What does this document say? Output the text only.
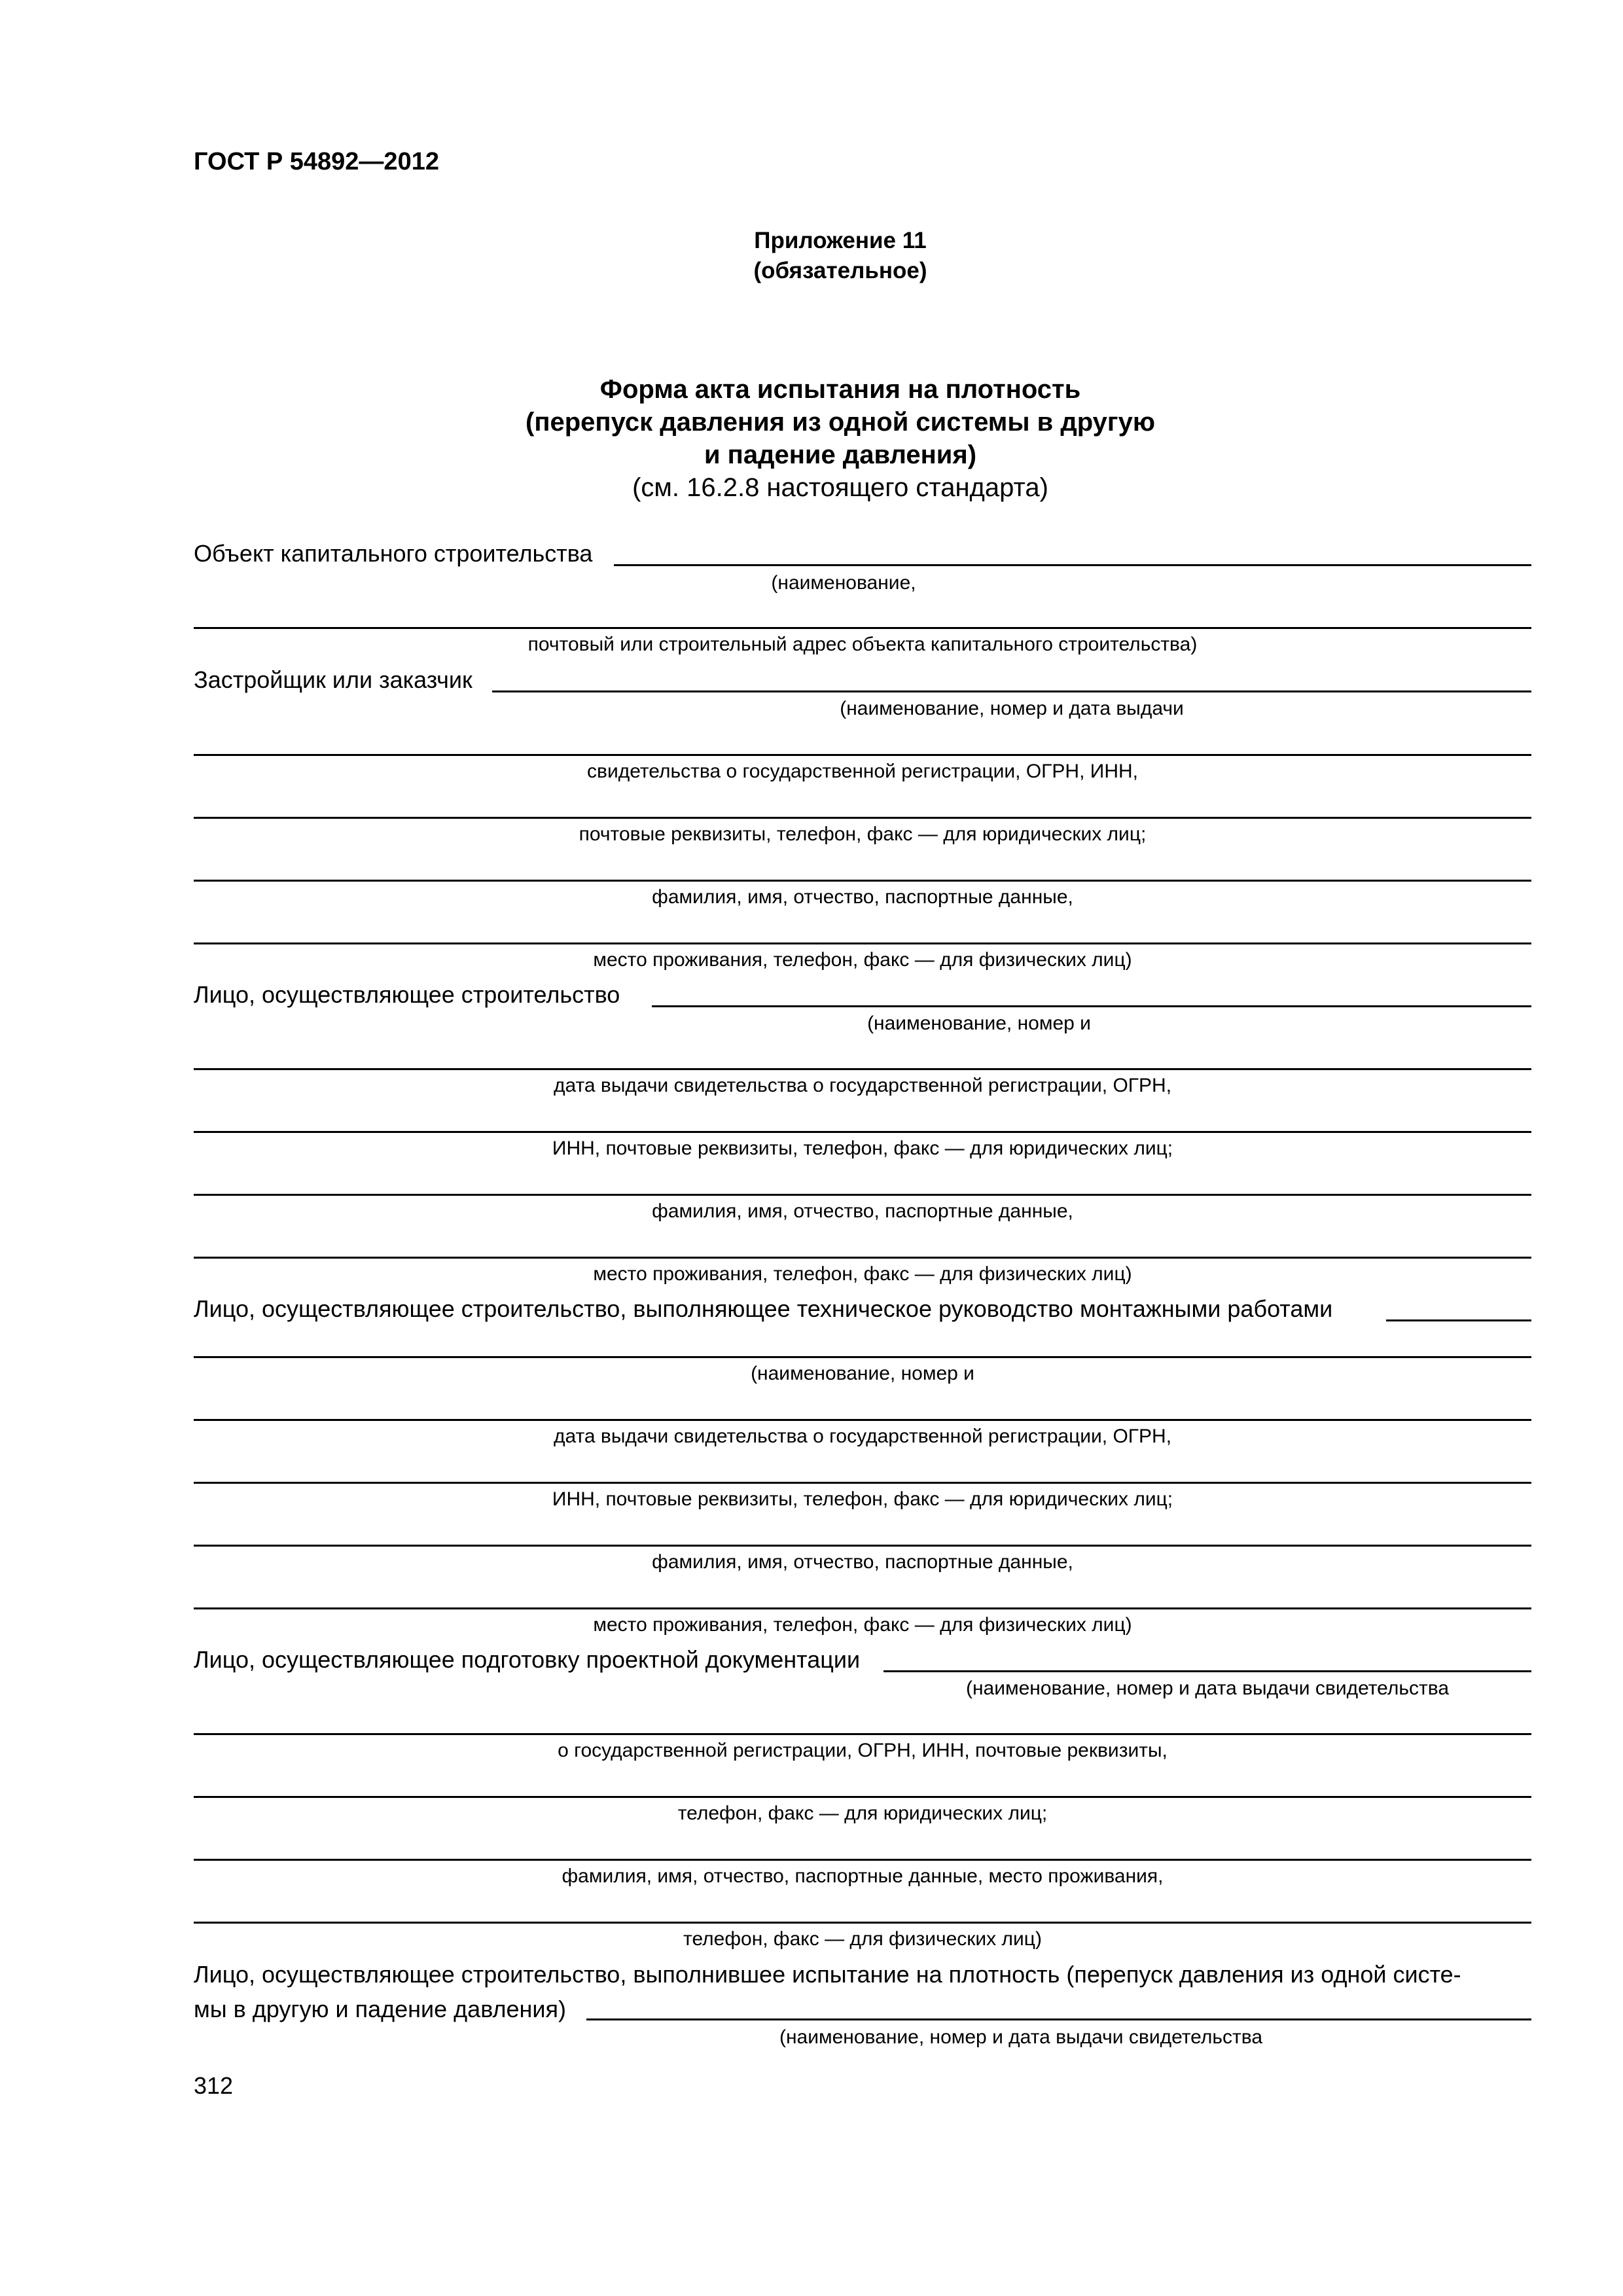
ГОСТ Р 54892—2012
Приложение 11
(обязательное)
Форма акта испытания на плотность
(перепуск давления из одной системы в другую
и падение давления)
(см. 16.2.8 настоящего стандарта)
Объект капитального строительства
(наименование,
почтовый или строительный адрес объекта капитального строительства)
Застройщик или заказчик
(наименование, номер и дата выдачи
свидетельства о государственной регистрации, ОГРН, ИНН,
почтовые реквизиты, телефон, факс — для юридических лиц;
фамилия, имя, отчество, паспортные данные,
место проживания, телефон, факс — для физических лиц)
Лицо, осуществляющее строительство
(наименование, номер и
дата выдачи свидетельства о государственной регистрации, ОГРН,
ИНН, почтовые реквизиты, телефон, факс — для юридических лиц;
фамилия, имя, отчество, паспортные данные,
место проживания, телефон, факс — для физических лиц)
Лицо, осуществляющее строительство, выполняющее техническое руководство монтажными работами
(наименование, номер и
дата выдачи свидетельства о государственной регистрации, ОГРН,
ИНН, почтовые реквизиты, телефон, факс — для юридических лиц;
фамилия, имя, отчество, паспортные данные,
место проживания, телефон, факс — для физических лиц)
Лицо, осуществляющее подготовку проектной документации
(наименование, номер и дата выдачи свидетельства
о государственной регистрации, ОГРН, ИНН, почтовые реквизиты,
телефон, факс — для юридических лиц;
фамилия, имя, отчество, паспортные данные, место проживания,
телефон, факс — для физических лиц)
Лицо, осуществляющее строительство, выполнившее испытание на плотность (перепуск давления из одной систе-
мы в другую и падение давления)
(наименование, номер и дата выдачи свидетельства
312
